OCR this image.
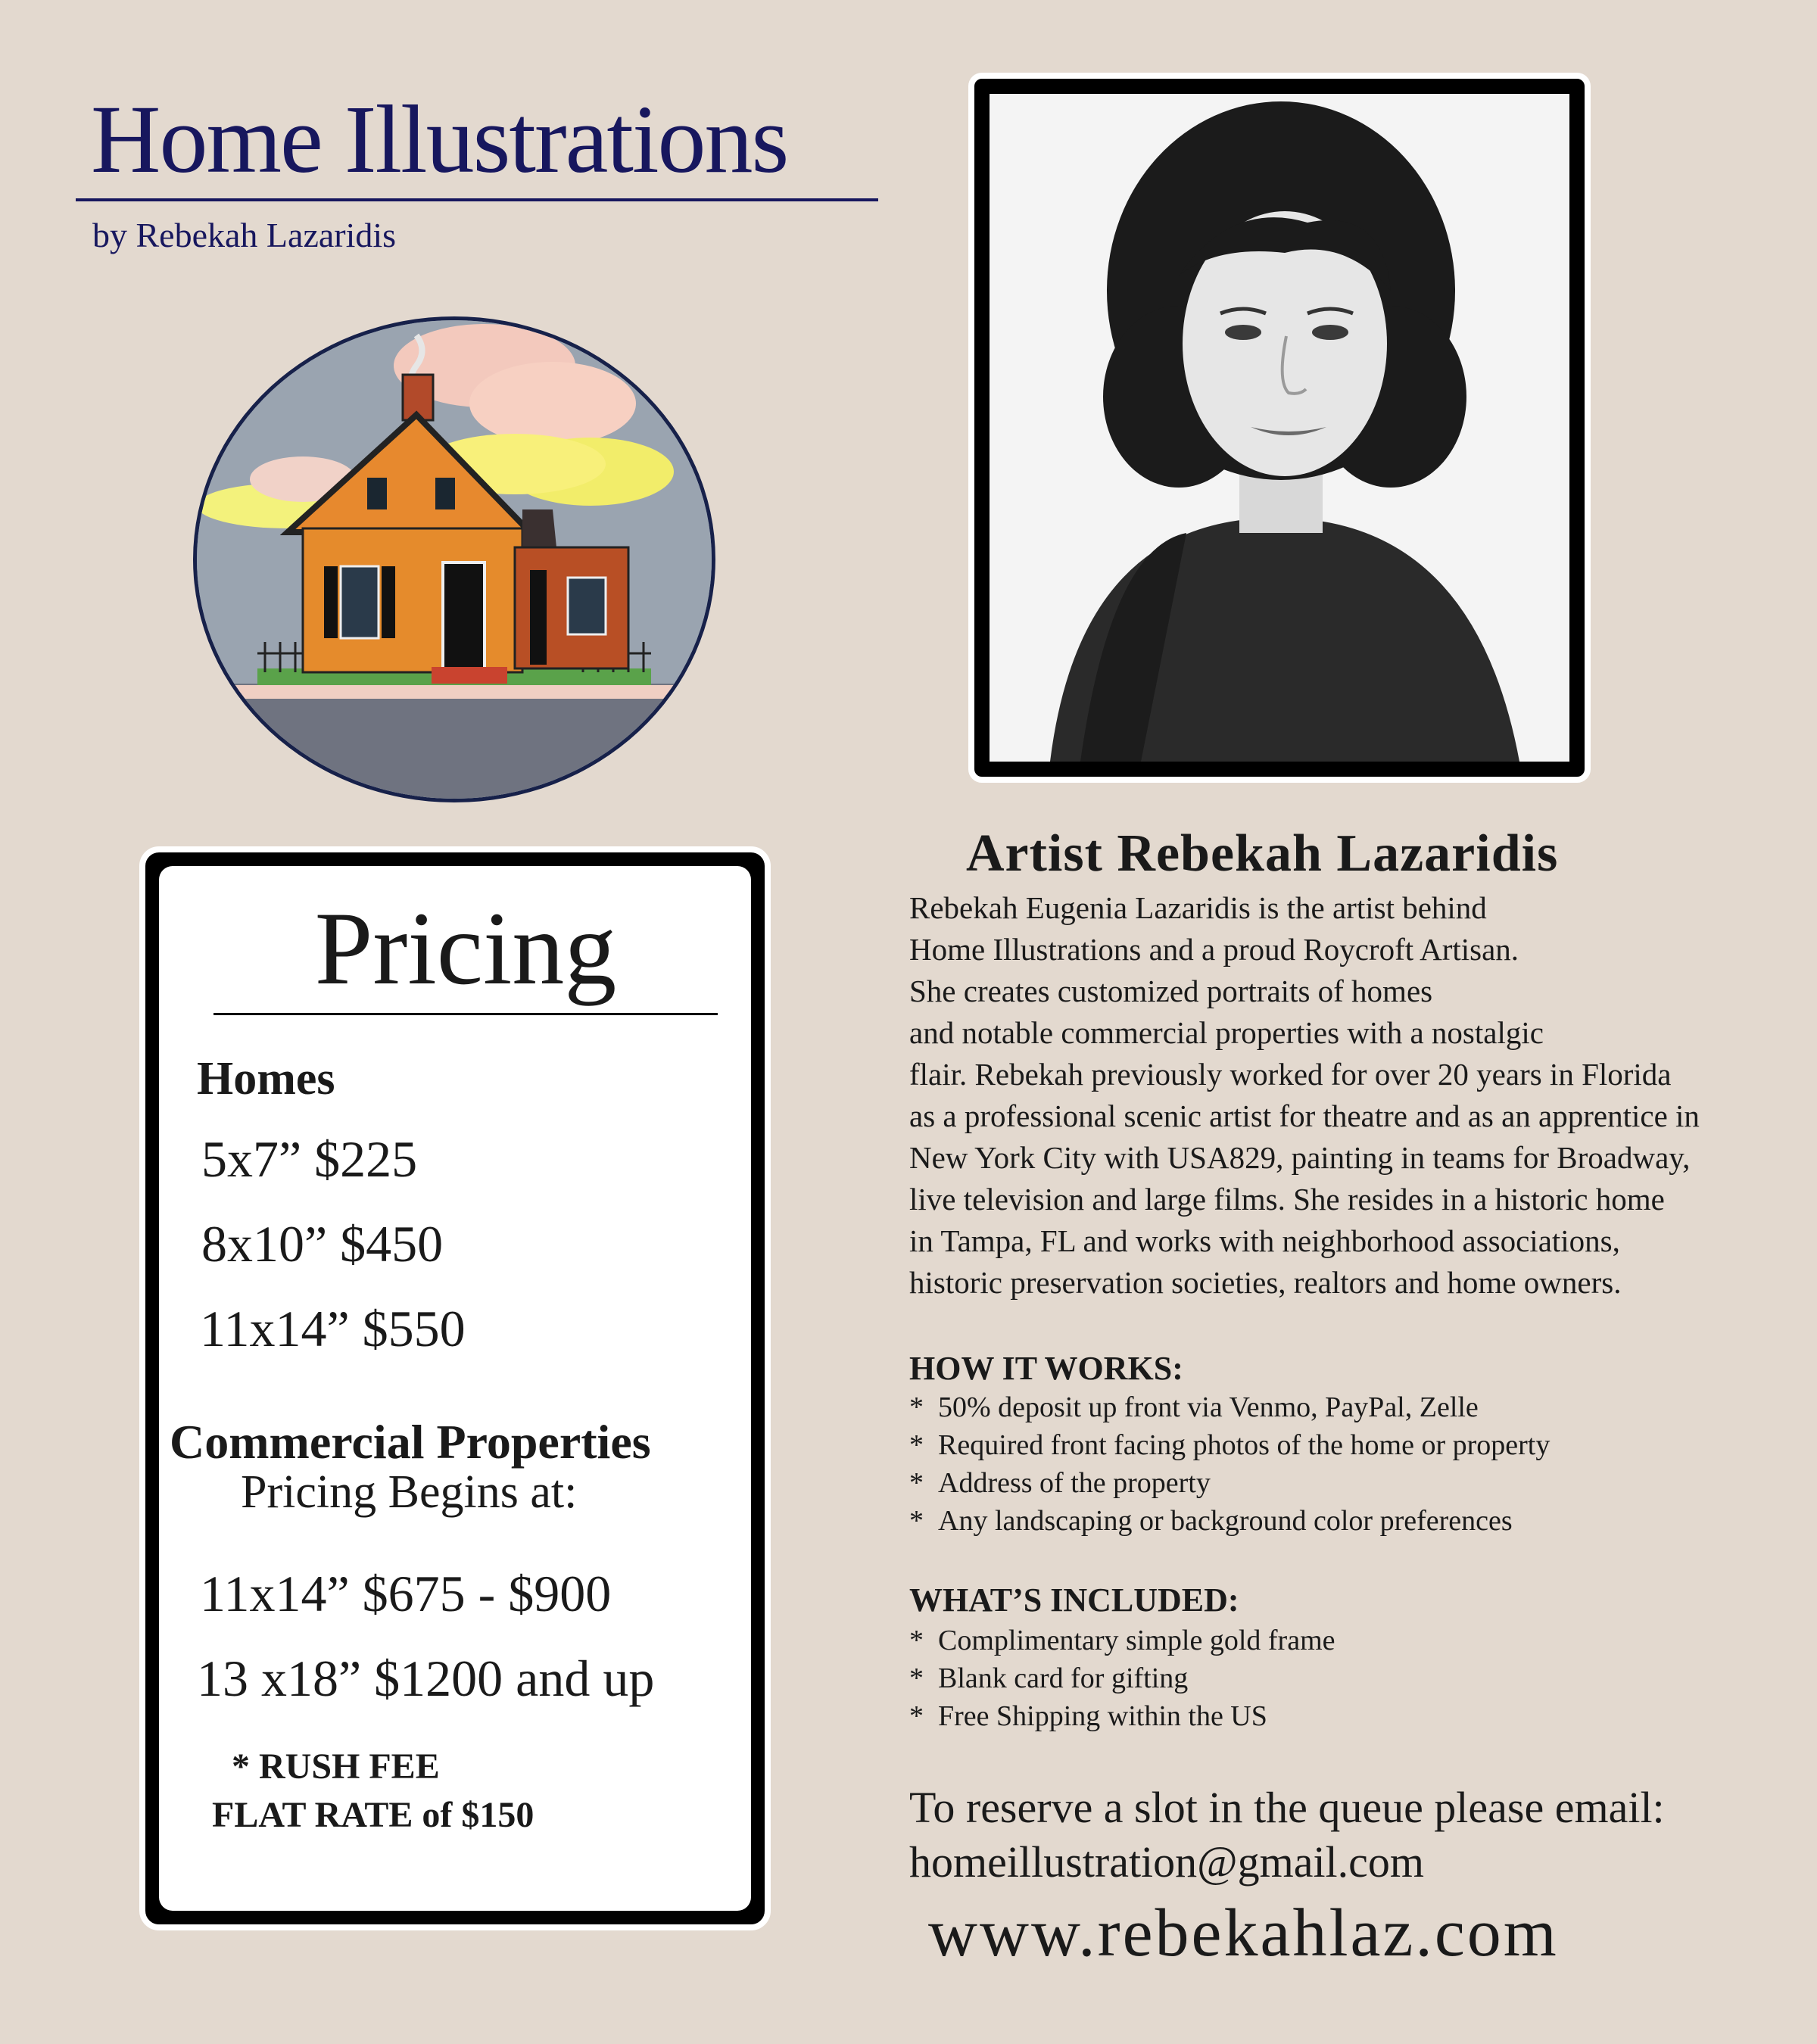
Home Illustrations
by Rebekah Lazaridis
Pricing
Homes
5x7” $225
8x10” $450
11x14” $550
Commercial Properties
Pricing Begins at:
11x14” $675 - $900
13 x18” $1200 and up
* RUSH FEE
FLAT RATE of $150
Artist Rebekah Lazaridis

Rebekah Eugenia Lazaridis is the artist behind
Home Illustrations and a proud Roycroft Artisan.
She creates customized portraits of homes
and notable commercial properties with a nostalgic
flair. Rebekah previously worked for over 20 years in Florida
as a professional scenic artist for theatre and as an apprentice in
New York City with USA829, painting in teams for Broadway,
live television and large films. She resides in a historic home
in Tampa, FL and works with neighborhood associations,
historic preservation societies, realtors and home owners.

HOW IT WORKS:
* 50% deposit up front via Venmo, PayPal, Zelle
* Required front facing photos of the home or property
* Address of the property
* Any landscaping or background color preferences
WHAT’S INCLUDED:
* Complimentary simple gold frame
* Blank card for gifting
* Free Shipping within the US

To reserve a slot in the queue please email:

homeillustration@gmail.com

www.rebekahlaz.com
